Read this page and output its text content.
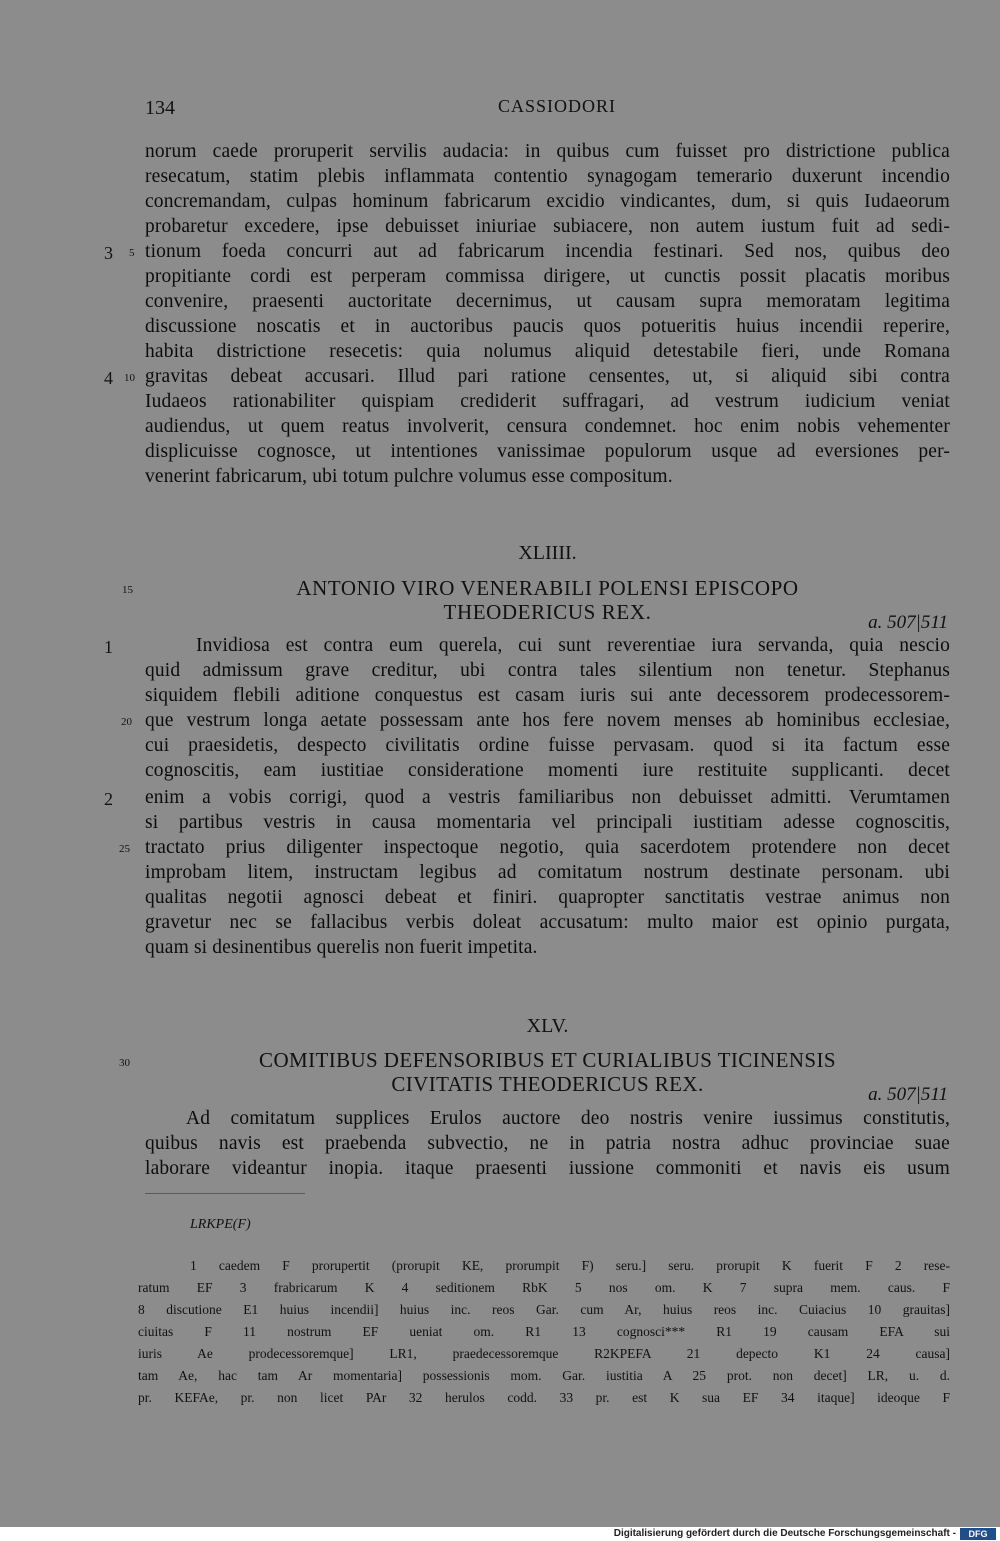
134	CASSIODORI
norum caede proruperit servilis audacia: in quibus cum fuisset pro districtione publica
resecatum, statim plebis inflammata contentio synagogam temerario duxerunt incendio
concremandam, culpas hominum fabricarum excidio vindicantes, dum, si quis Iudaeorum
probaretur excedere, ipse debuisset iniuriae subiacere, non autem iustum fuit ad sedi-
tionum foeda concurri aut ad fabricarum incendia festinari. Sed nos, quibus deo
propitiante cordi est perperam commissa dirigere, ut cunctis possit placatis moribus
convenire, praesenti auctoritate decernimus, ut causam supra memoratam legitima
discussione noscatis et in auctoribus paucis quos potueritis huius incendii reperire,
habita districtione resecetis: quia nolumus aliquid detestabile fieri, unde Romana
gravitas debeat accusari. Illud pari ratione censentes, ut, si aliquid sibi contra
Iudaeos rationabiliter quispiam crediderit suffragari, ad vestrum iudicium veniat
audiendus, ut quem reatus involverit, censura condemnet. hoc enim nobis vehementer
displicuisse cognosce, ut intentiones vanissimae populorum usque ad eversiones per-
venerint fabricarum, ubi totum pulchre volumus esse compositum.
3 5
4 10
XLIIII.
15	ANTONIO VIRO VENERABILI POLENSI EPISCOPO
THEODERICUS REX.	a. 507|511
Invidiosa est contra eum querela, cui sunt reverentiae iura servanda, quia nescio
quid admissum grave creditur, ubi contra tales silentium non tenetur. Stephanus
siquidem flebili aditione conquestus est casam iuris sui ante decessorem prodecessorem-
que vestrum longa aetate possessam ante hos fere novem menses ab hominibus ecclesiae,
cui praesidetis, despecto civilitatis ordine fuisse pervasam. quod si ita factum esse
cognoscitis, eam iustitiae consideratione momenti iure restituite supplicanti. decet
enim a vobis corrigi, quod a vestris familiaribus non debuisset admitti. Verumtamen
si partibus vestris in causa momentaria vel principali iustitiam adesse cognoscitis,
tractato prius diligenter inspectoque negotio, quia sacerdotem protendere non decet
improbam litem, instructam legibus ad comitatum nostrum destinate personam. ubi
qualitas negotii agnosci debeat et finiri. quapropter sanctitatis vestrae animus non
gravetur nec se fallacibus verbis doleat accusatum: multo maior est opinio purgata,
quam si desinentibus querelis non fuerit impetita.
1
20
2
25
XLV.
30	COMITIBUS DEFENSORIBUS ET CURIALIBUS TICINENSIS
CIVITATIS THEODERICUS REX.	a. 507|511
Ad comitatum supplices Erulos auctore deo nostris venire iussimus constitutis,
quibus navis est praebenda subvectio, ne in patria nostra adhuc provinciae suae
laborare videantur inopia. itaque praesenti iussione commoniti et navis eis usum
LRKPE(F)
1 caedem F prorupertit (prorupit KE, prorumpit F) seru.] seru. prorupit K fuerit F 2 rese-
ratum EF 3 frabricarum K 4 seditionem RbK 5 nos om. K 7 supra mem. caus. F
8 discutione E1 huius incendii] huius inc. reos Gar. cum Ar, huius reos inc. Cuiacius 10 grauitas]
ciuitas F 11 nostrum EF ueniat om. R1 13 cognosci*** R1 19 causam EFA sui
iuris Ae prodecessoremque] LR1, praedecessoremque R2KPEFA 21 depecto K1 24 causa]
tam Ae, hac tam Ar momentaria] possessionis mom. Gar. iustitia A 25 prot. non decet] LR, u. d.
pr. KEFAe, pr. non licet PAr 32 herulos codd. 33 pr. est K sua EF 34 itaque] ideoque F
Digitalisierung gefördert durch die Deutsche Forschungsgemeinschaft -	DFG
